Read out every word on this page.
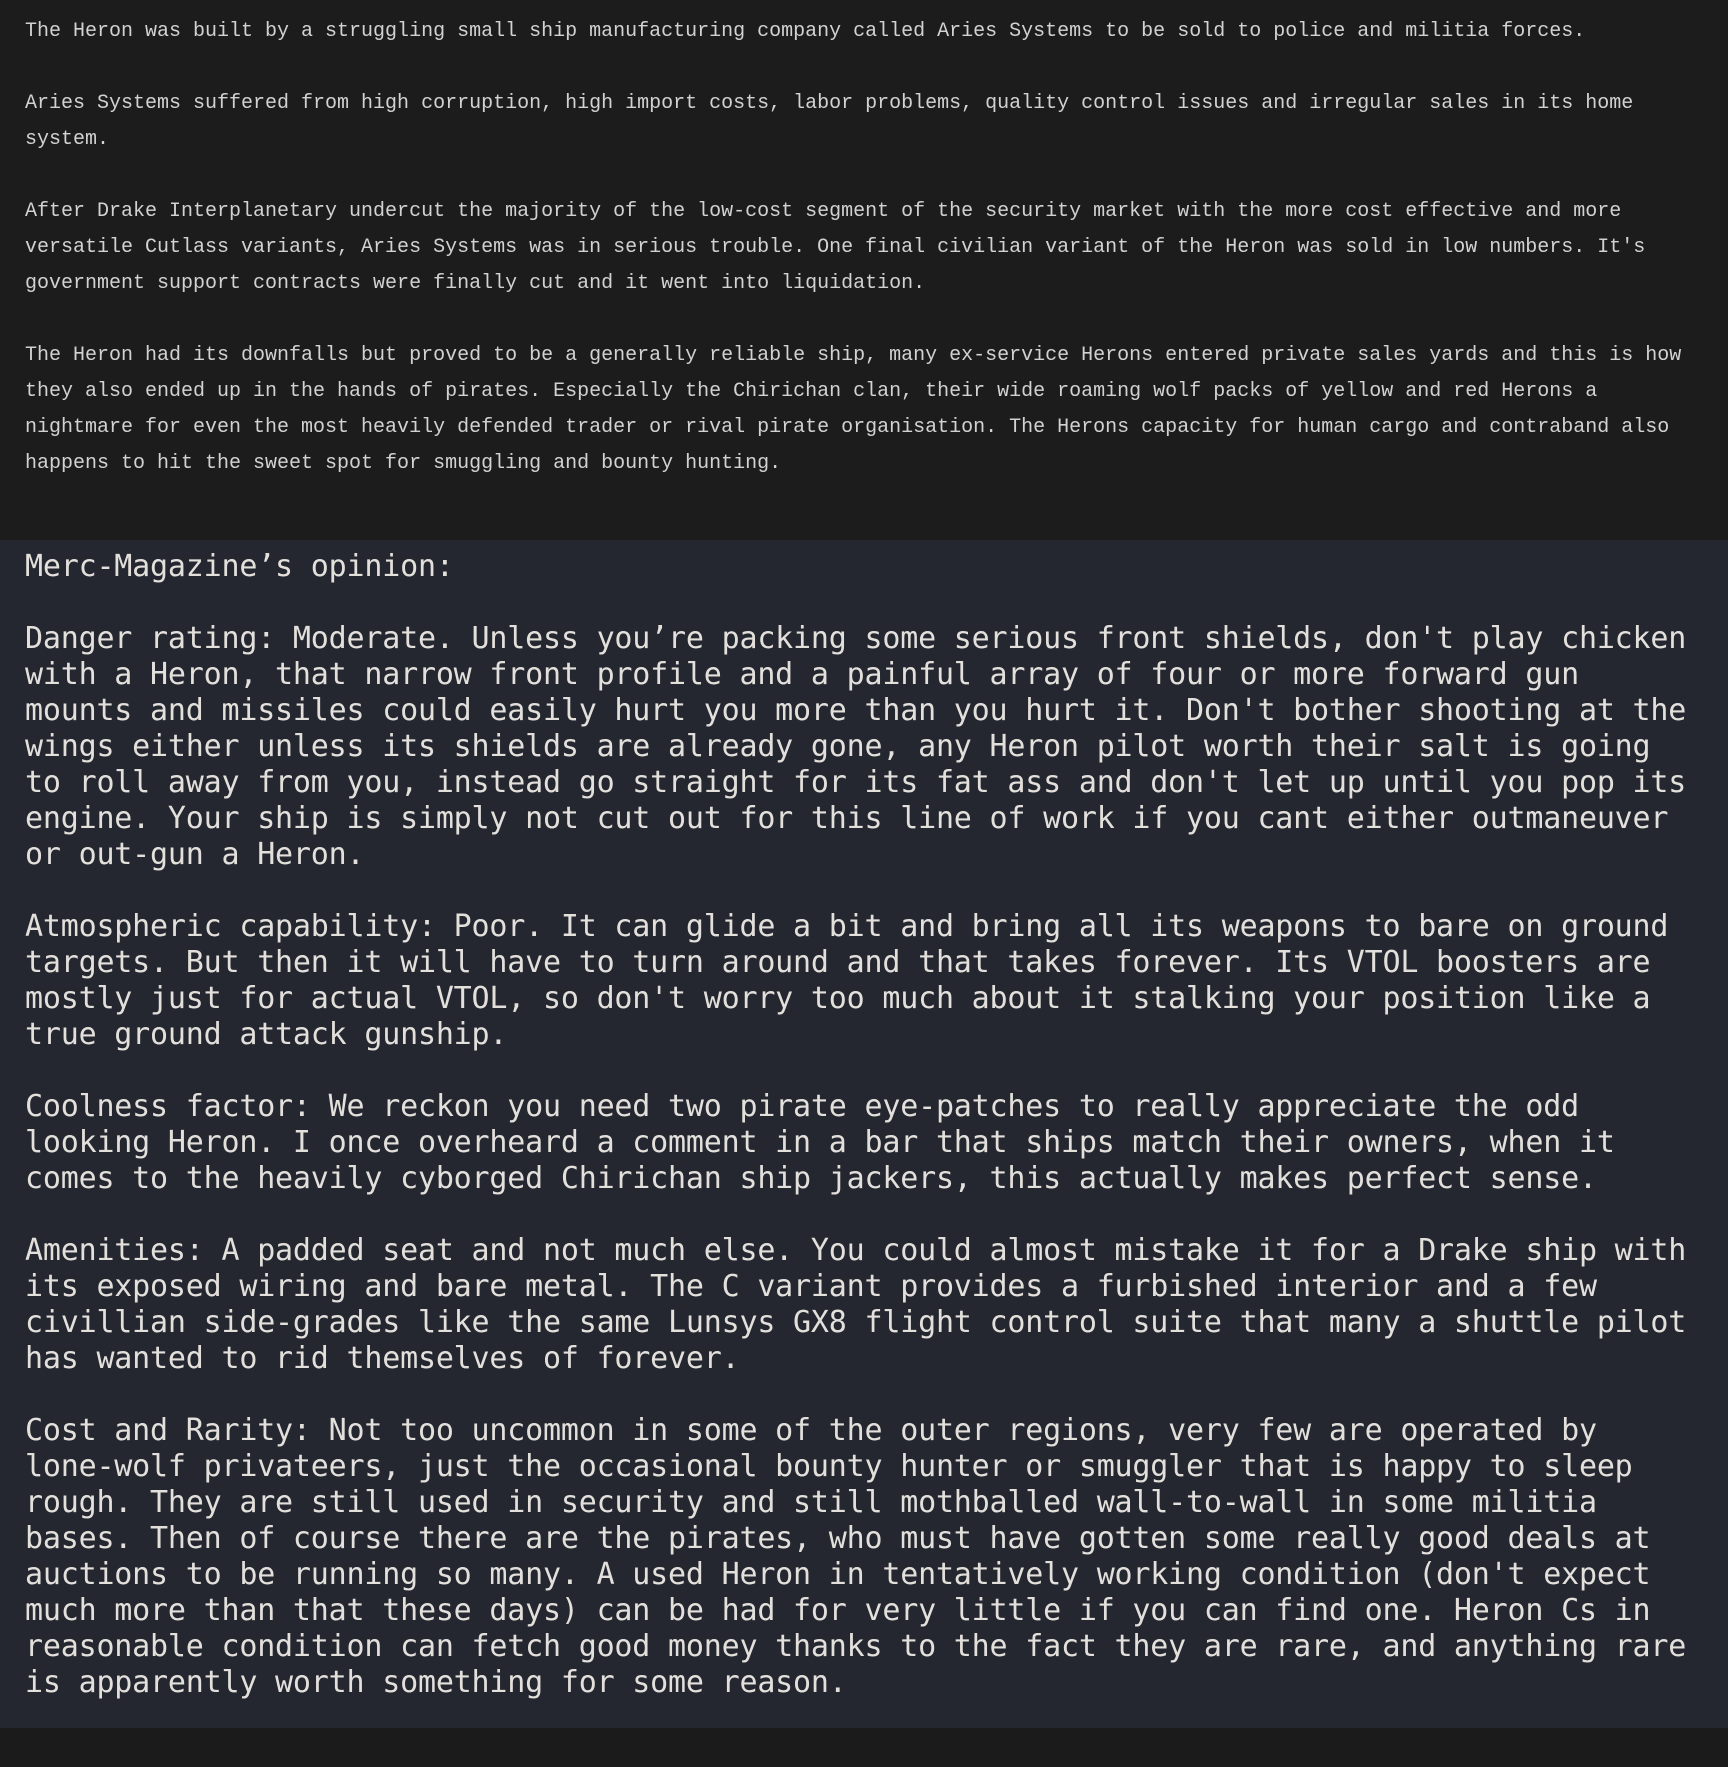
The Heron was built by a struggling small ship manufacturing company called Aries Systems to be sold to police and militia forces.

Aries Systems suffered from high corruption, high import costs, labor problems, quality control issues and irregular sales in its home system.

After Drake Interplanetary undercut the majority of the low-cost segment of the security market with the more cost effective and more versatile Cutlass variants, Aries Systems was in serious trouble. One final civilian variant of the Heron was sold in low numbers. It's government support contracts were finally cut and it went into liquidation.

The Heron had its downfalls but proved to be a generally reliable ship, many ex-service Herons entered private sales yards and this is how they also ended up in the hands of pirates. Especially the Chirichan clan, their wide roaming wolf packs of yellow and red Herons a nightmare for even the most heavily defended trader or rival pirate organisation. The Herons capacity for human cargo and contraband also happens to hit the sweet spot for smuggling and bounty hunting.

Merc-Magazine’s opinion:

Danger rating: Moderate. Unless you’re packing some serious front shields, don't play chicken with a Heron, that narrow front profile and a painful array of four or more forward gun mounts and missiles could easily hurt you more than you hurt it. Don't bother shooting at the wings either unless its shields are already gone, any Heron pilot worth their salt is going to roll away from you, instead go straight for its fat ass and don't let up until you pop its engine. Your ship is simply not cut out for this line of work if you cant either outmaneuver or out-gun a Heron.

Atmospheric capability: Poor. It can glide a bit and bring all its weapons to bare on ground targets. But then it will have to turn around and that takes forever. Its VTOL boosters are mostly just for actual VTOL, so don't worry too much about it stalking your position like a true ground attack gunship.

Coolness factor: We reckon you need two pirate eye-patches to really appreciate the odd looking Heron. I once overheard a comment in a bar that ships match their owners, when it comes to the heavily cyborged Chirichan ship jackers, this actually makes perfect sense.

Amenities: A padded seat and not much else. You could almost mistake it for a Drake ship with its exposed wiring and bare metal. The C variant provides a furbished interior and a few civillian side-grades like the same Lunsys GX8 flight control suite that many a shuttle pilot has wanted to rid themselves of forever.

Cost and Rarity: Not too uncommon in some of the outer regions, very few are operated by lone-wolf privateers, just the occasional bounty hunter or smuggler that is happy to sleep rough. They are still used in security and still mothballed wall-to-wall in some militia bases. Then of course there are the pirates, who must have gotten some really good deals at auctions to be running so many. A used Heron in tentatively working condition (don't expect much more than that these days) can be had for very little if you can find one. Heron Cs in reasonable condition can fetch good money thanks to the fact they are rare, and anything rare is apparently worth something for some reason.
